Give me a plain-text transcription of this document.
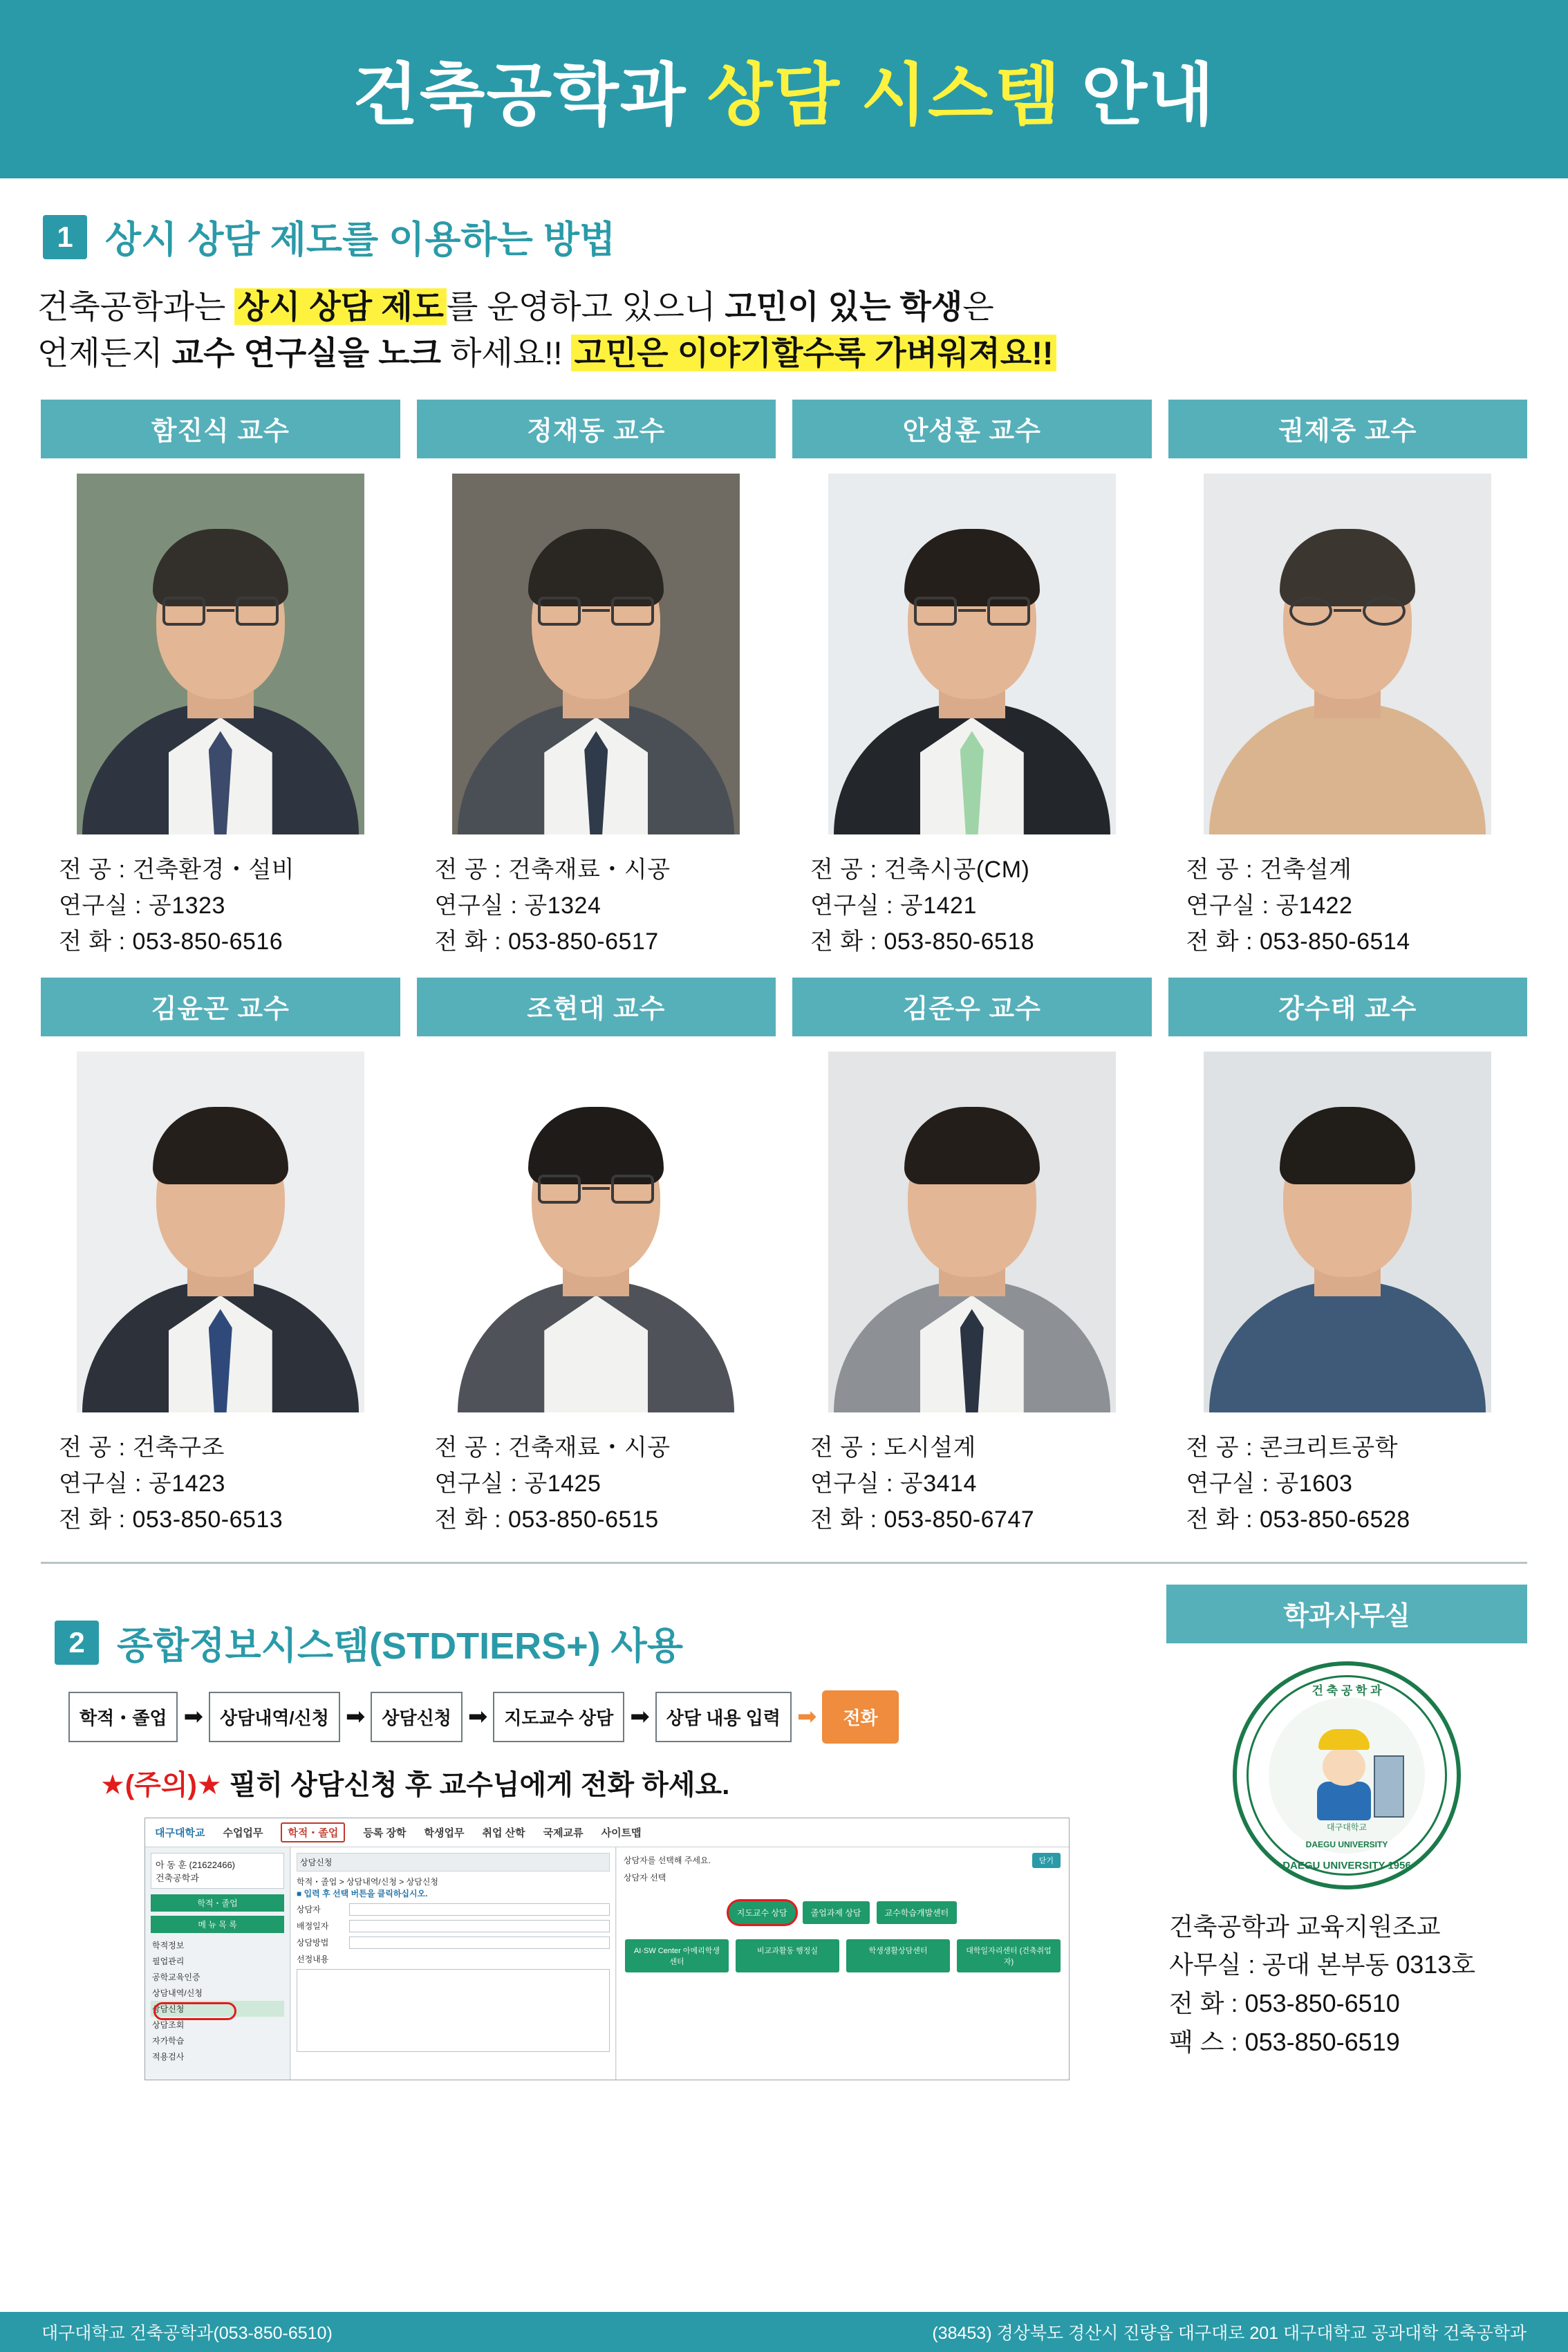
건축공학과 상담 시스템 안내
1 상시 상담 제도를 이용하는 방법
건축공학과는 상시 상담 제도를 운영하고 있으니 고민이 있는 학생은
언제든지 교수 연구실을 노크 하세요!! 고민은 이야기할수록 가벼워져요!!
함진식 교수
전 공 : 건축환경・설비
연구실 : 공1323
전 화 : 053-850-6516
정재동 교수
전 공 : 건축재료・시공
연구실 : 공1324
전 화 : 053-850-6517
안성훈 교수
전 공 : 건축시공(CM)
연구실 : 공1421
전 화 : 053-850-6518
권제중 교수
전 공 : 건축설계
연구실 : 공1422
전 화 : 053-850-6514
김윤곤 교수
전 공 : 건축구조
연구실 : 공1423
전 화 : 053-850-6513
조현대 교수
전 공 : 건축재료・시공
연구실 : 공1425
전 화 : 053-850-6515
김준우 교수
전 공 : 도시설계
연구실 : 공3414
전 화 : 053-850-6747
강수태 교수
전 공 : 콘크리트공학
연구실 : 공1603
전 화 : 053-850-6528
2 종합정보시스템(STDTIERS+) 사용
학적・졸업 ➡ 상담내역/신청 ➡ 상담신청 ➡ 지도교수 상담 ➡ 상담 내용 입력 ➡	전화
★(주의)★ 필히 상담신청 후 교수님에게 전화 하세요.
대구대학교 수업업무	학적・졸업	등록 장학 학생업무 취업 산학 국제교류 사이트맵
아 동 훈 (21622466)
건축공학과
학적・졸업
메 뉴 목 록
학적정보
필업관리
공학교육인증
상담내역/신청
상담신청
상담조회
자가학습
적용검사
상담신청
학적・졸업 > 상담내역/신청 > 상담신청
■ 입력 후 선택 버튼을 클릭하십시오.
상담자
배정일자
상담방법
선정내용
닫기
상담자를 선택해 주세요.
상담자 선택
지도교수 상담	졸업과제 상담	교수학습개발센터
AI·SW Center 아메리학생센터
비교과활동 행정실	학생생활상담센터	대학일자리센터 (건축취업자)
학과사무실
건 축 공 학 과
대구대학교
DAEGU UNIVERSITY
DAEGU UNIVERSITY 1956
건축공학과 교육지원조교
사무실 : 공대 본부동 0313호
전 화 : 053-850-6510
팩 스 : 053-850-6519
대구대학교 건축공학과(053-850-6510)	(38453) 경상북도 경산시 진량읍 대구대로 201 대구대학교 공과대학 건축공학과
